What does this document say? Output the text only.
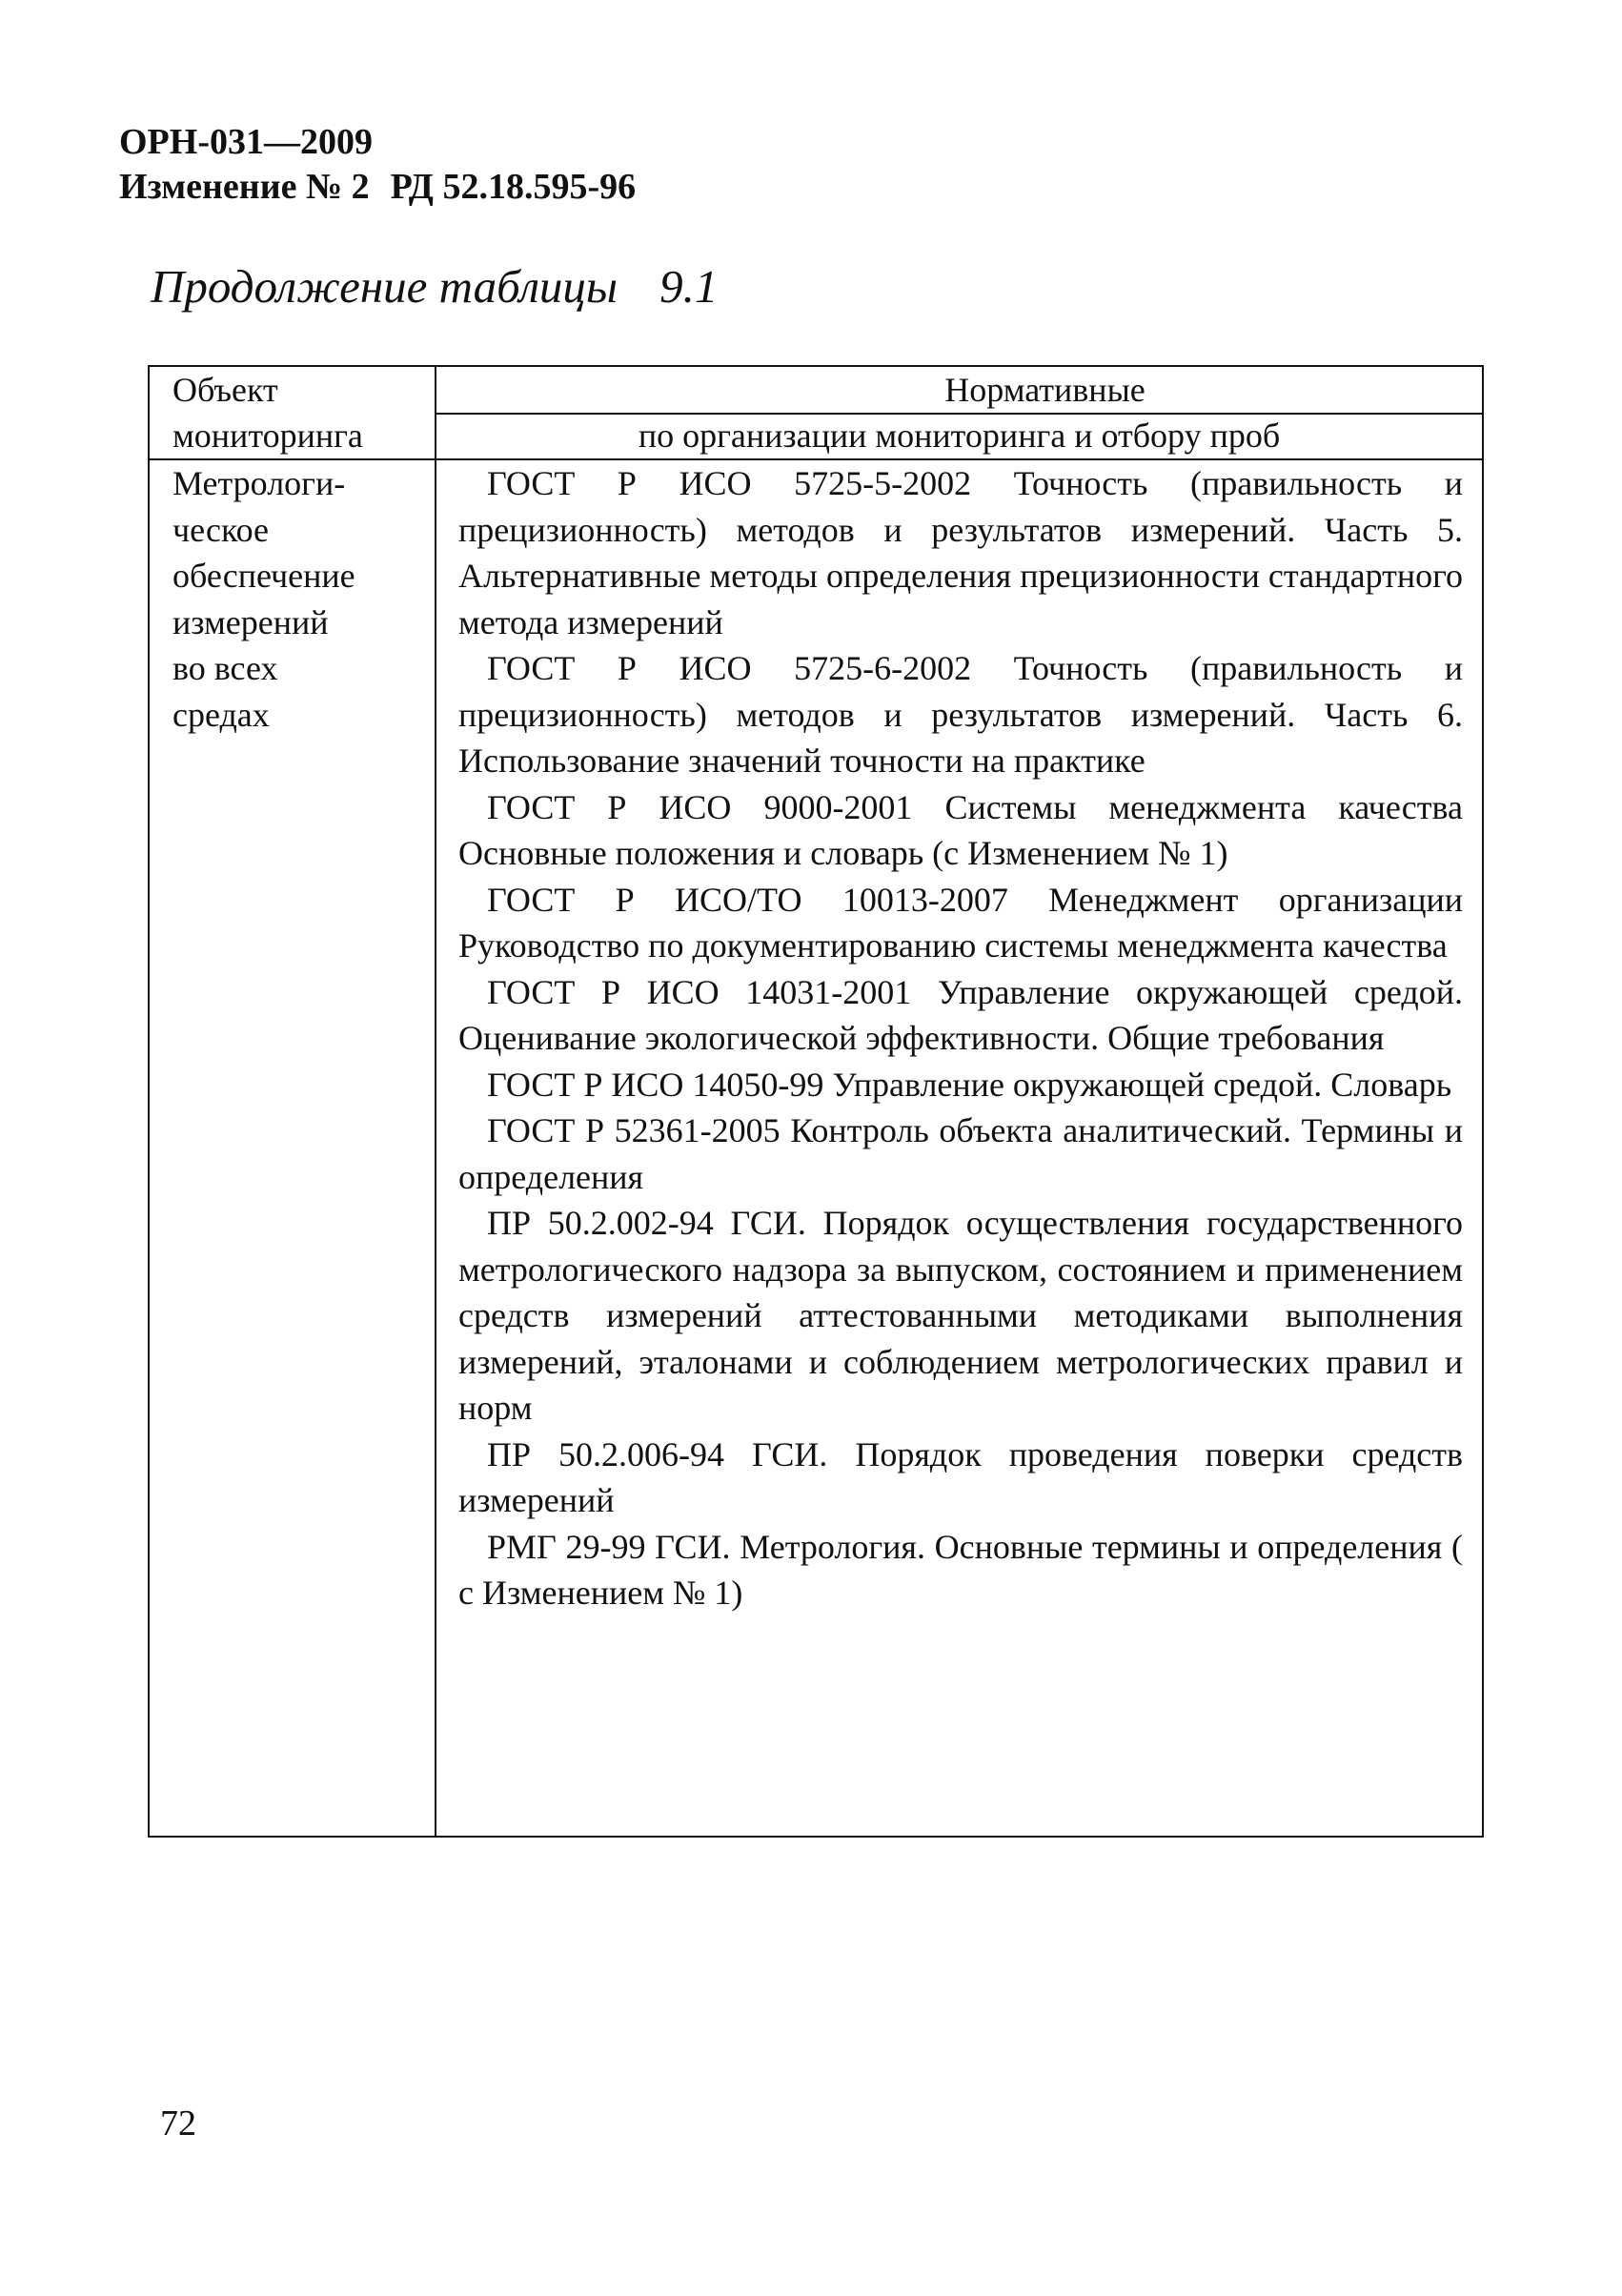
ОРН-031—2009
Изменение № 2 РД 52.18.595-96
Продолжение таблицы 9.1
Объект
мониторинга
Нормативные
по организации мониторинга и отбору проб
Метрологи-
ческое
обеспечение
измерений
во всех
средах
ГОСТ Р ИСО 5725-5-2002 Точность (правильность и прецизионность) методов и результатов измерений. Часть 5. Альтернативные методы определения прецизионности стандартного метода измерений
ГОСТ Р ИСО 5725-6-2002 Точность (правильность и прецизионность) методов и результатов измерений. Часть 6. Использование значений точности на практике
ГОСТ Р ИСО 9000-2001 Системы менеджмента качества Основные положения и словарь (с Изменением № 1)
ГОСТ Р ИСО/ТО 10013-2007 Менеджмент организации Руководство по документированию системы менеджмента качества
ГОСТ Р ИСО 14031-2001 Управление окружающей средой. Оценивание экологической эффективности. Общие требования
ГОСТ Р ИСО 14050-99 Управление окружающей средой. Словарь
ГОСТ Р 52361-2005 Контроль объекта аналитический. Термины и определения
ПР 50.2.002-94 ГСИ. Порядок осуществления государственного метрологического надзора за выпуском, состоянием и применением средств измерений аттестованными методиками выполнения измерений, эталонами и соблюдением метрологических правил и норм
ПР 50.2.006-94 ГСИ. Порядок проведения поверки средств измерений
РМГ 29-99 ГСИ. Метрология. Основные термины и определения ( с Изменением № 1)
72
